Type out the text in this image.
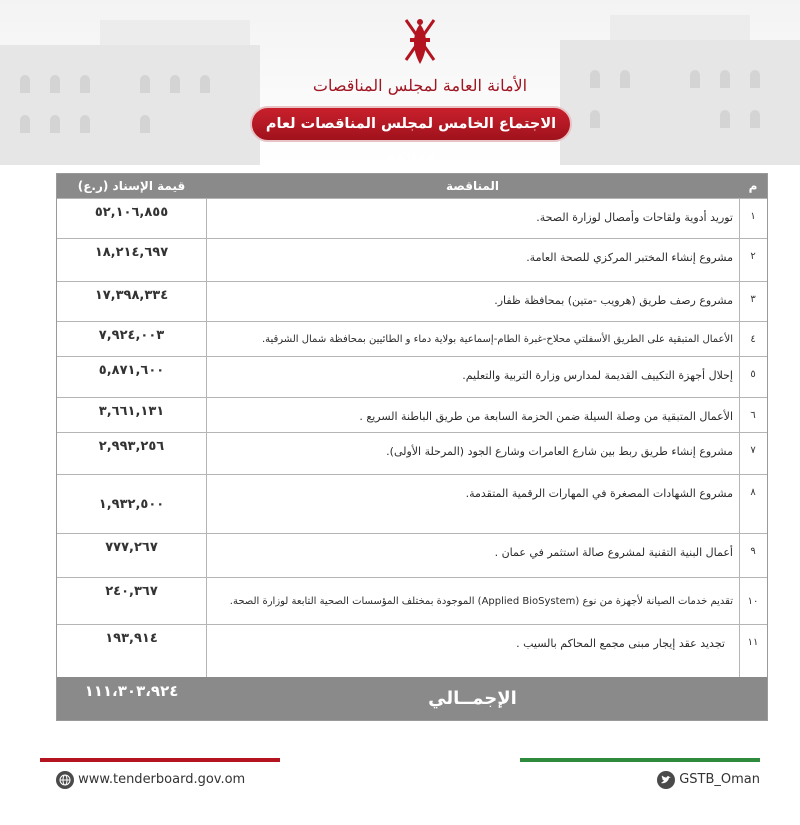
الأمانة العامة لمجلس المناقصات
الاجتماع الخامس لمجلس المناقصات لعام 2022م
م
المناقصة
قيمة الإسناد (ر.ع)
١
توريد أدوية ولقاحات وأمصال لوزارة الصحة.
٥٢,١٠٦,٨٥٥
٢
مشروع إنشاء المختبر المركزي للصحة العامة.
١٨,٢١٤,٦٩٧
٣
مشروع رصف طريق (هرويب -متين) بمحافظة ظفار.
١٧,٣٩٨,٣٣٤
٤
الأعمال المتبقية على الطريق الأسفلتي محلاح-غبرة الطام-إسماعية بولاية دماء و الطائيين بمحافظة شمال الشرقية.
٧,٩٢٤,٠٠٣
٥
إحلال أجهزة التكييف القديمة لمدارس وزارة التربية والتعليم.
٥,٨٧١,٦٠٠
٦
الأعمال المتبقية من وصلة السيلة ضمن الحزمة السابعة من طريق الباطنة السريع .
٣,٦٦١,١٣١
٧
مشروع إنشاء طريق ربط بين شارع العامرات وشارع الجود (المرحلة الأولى).
٢,٩٩٣,٢٥٦
٨
مشروع الشهادات المصغرة في المهارات الرقمية المتقدمة.
١,٩٣٢,٥٠٠
٩
أعمال البنية التقنية لمشروع صالة استثمر في عمان .
٧٧٧,٢٦٧
١٠
تقديم خدمات الصيانة لأجهزة من نوع (Applied BioSystem) الموجودة بمختلف المؤسسات الصحية التابعة لوزارة الصحة.
٢٤٠,٣٦٧
١١
تجديد عقد إيجار مبنى مجمع المحاكم بالسيب .
١٩٣,٩١٤
الإجمــالي
١١١،٣٠٣،٩٢٤
www.tenderboard.gov.om	GSTB_Oman
